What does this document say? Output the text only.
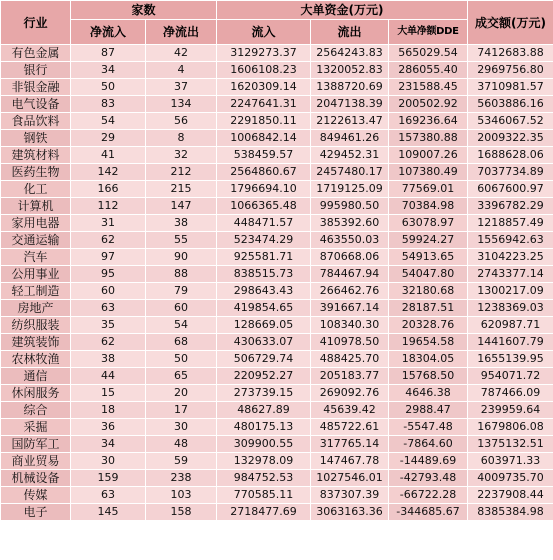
行业	家数		大单资金(万元)			成交额(万元)
	净流入	净流出	流入	流出	大单净额DDE	
有色金属	87	42	3129273.37	2564243.83	565029.54	7412683.88
银行	34	4	1606108.23	1320052.83	286055.40	2969756.80
非银金融	50	37	1620309.14	1388720.69	231588.45	3710981.57
电气设备	83	134	2247641.31	2047138.39	200502.92	5603886.16
食品饮料	54	56	2291850.11	2122613.47	169236.64	5346067.52
钢铁	29	8	1006842.14	849461.26	157380.88	2009322.35
建筑材料	41	32	538459.57	429452.31	109007.26	1688628.06
医药生物	142	212	2564860.67	2457480.17	107380.49	7037734.89
化工	166	215	1796694.10	1719125.09	77569.01	6067600.97
计算机	112	147	1066365.48	995980.50	70384.98	3396782.29
家用电器	31	38	448471.57	385392.60	63078.97	1218857.49
交通运输	62	55	523474.29	463550.03	59924.27	1556942.63
汽车	97	90	925581.71	870668.06	54913.65	3104223.25
公用事业	95	88	838515.73	784467.94	54047.80	2743377.14
轻工制造	60	79	298643.43	266462.76	32180.68	1300217.09
房地产	63	60	419854.65	391667.14	28187.51	1238369.03
纺织服装	35	54	128669.05	108340.30	20328.76	620987.71
建筑装饰	62	68	430633.07	410978.50	19654.58	1441607.79
农林牧渔	38	50	506729.74	488425.70	18304.05	1655139.95
通信	44	65	220952.27	205183.77	15768.50	954071.72
休闲服务	15	20	273739.15	269092.76	4646.38	787466.09
综合	18	17	48627.89	45639.42	2988.47	239959.64
采掘	36	30	480175.13	485722.61	-5547.48	1679806.08
国防军工	34	48	309900.55	317765.14	-7864.60	1375132.51
商业贸易	30	59	132978.09	147467.78	-14489.69	603971.33
机械设备	159	238	984752.53	1027546.01	-42793.48	4009735.70
传媒	63	103	770585.11	837307.39	-66722.28	2237908.44
电子	145	158	2718477.69	3063163.36	-344685.67	8385384.98
